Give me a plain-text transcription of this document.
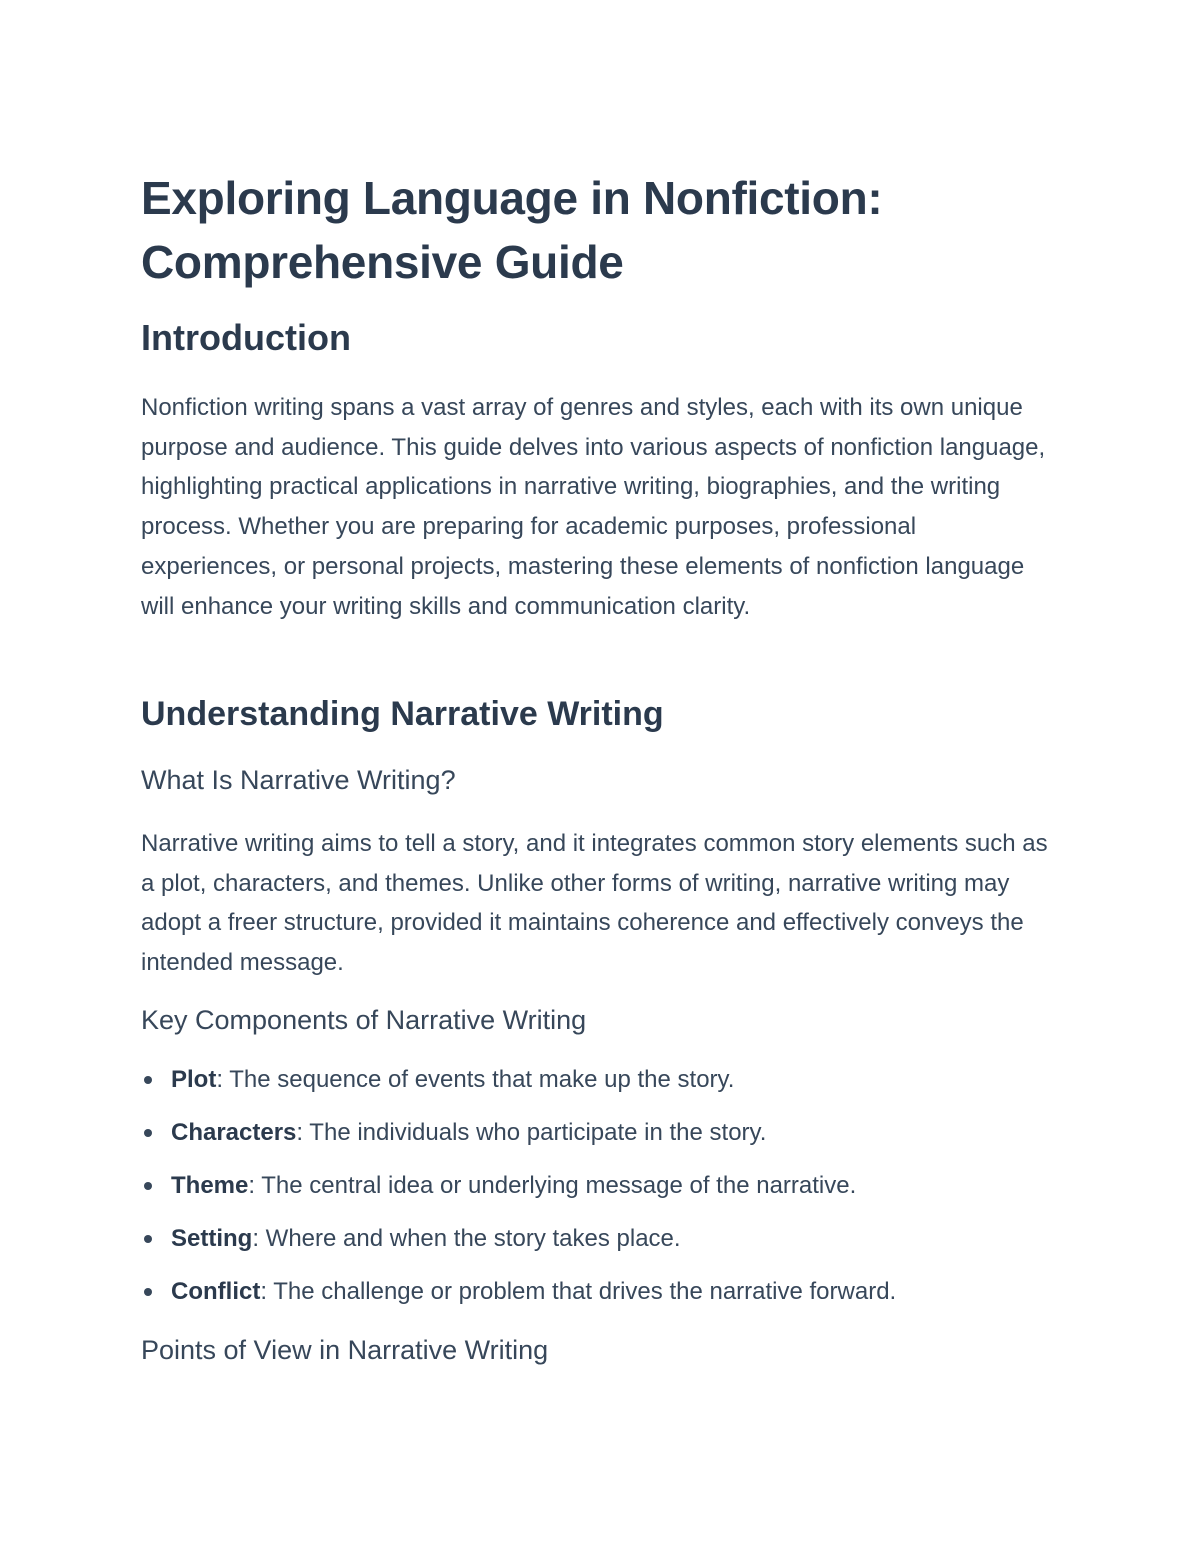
Exploring Language in Nonfiction:
Comprehensive Guide
Introduction

Nonfiction writing spans a vast array of genres and styles, each with its own unique purpose and audience. This guide delves into various aspects of nonfiction language, highlighting practical applications in narrative writing, biographies, and the writing process. Whether you are preparing for academic purposes, professional experiences, or personal projects, mastering these elements of nonfiction language will enhance your writing skills and communication clarity.

Understanding Narrative Writing
What Is Narrative Writing?

Narrative writing aims to tell a story, and it integrates common story elements such as a plot, characters, and themes. Unlike other forms of writing, narrative writing may adopt a freer structure, provided it maintains coherence and effectively conveys the intended message.

Key Components of Narrative Writing
Plot: The sequence of events that make up the story.
Characters: The individuals who participate in the story.
Theme: The central idea or underlying message of the narrative.
Setting: Where and when the story takes place.
Conflict: The challenge or problem that drives the narrative forward.
Points of View in Narrative Writing
